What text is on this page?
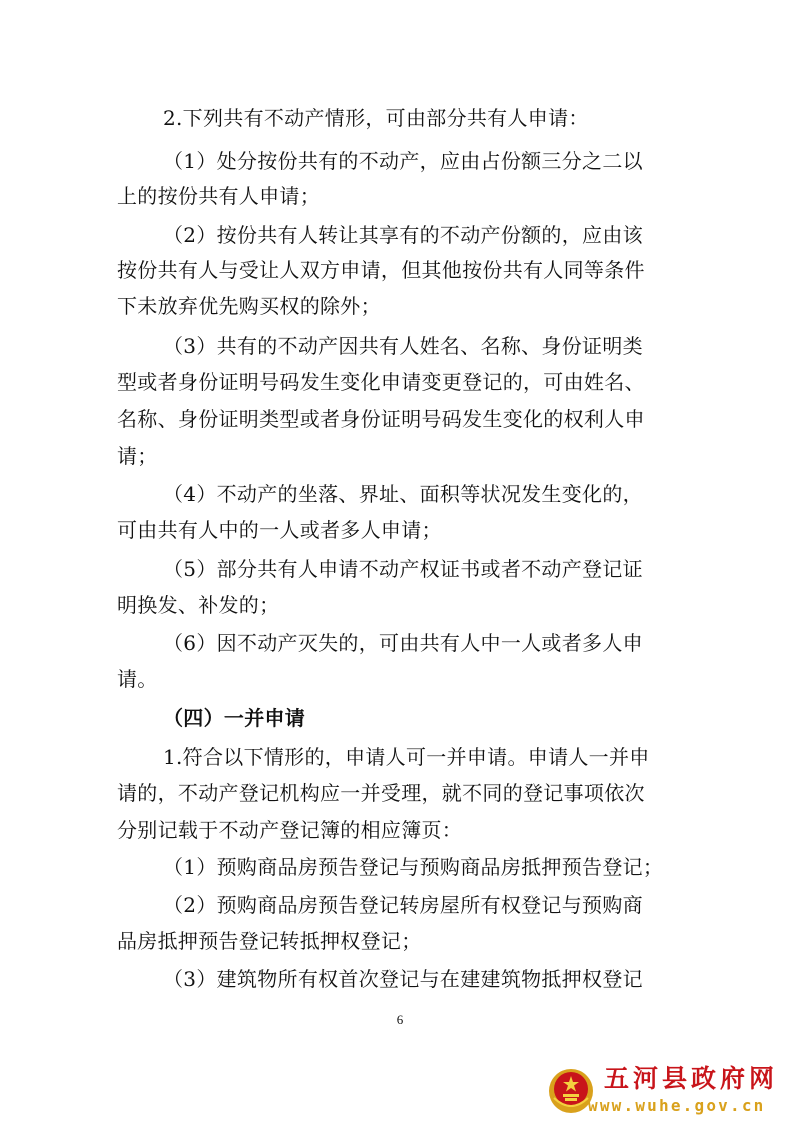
2.下列共有不动产情形，可由部分共有人申请：
（1）处分按份共有的不动产，应由占份额三分之二以
上的按份共有人申请；
（2）按份共有人转让其享有的不动产份额的，应由该
按份共有人与受让人双方申请，但其他按份共有人同等条件
下未放弃优先购买权的除外；
（3）共有的不动产因共有人姓名、名称、身份证明类
型或者身份证明号码发生变化申请变更登记的，可由姓名、
名称、身份证明类型或者身份证明号码发生变化的权利人申
请；
（4）不动产的坐落、界址、面积等状况发生变化的，
可由共有人中的一人或者多人申请；
（5）部分共有人申请不动产权证书或者不动产登记证
明换发、补发的；
（6）因不动产灭失的，可由共有人中一人或者多人申
请。
（四）一并申请
1.符合以下情形的，申请人可一并申请。申请人一并申
请的，不动产登记机构应一并受理，就不同的登记事项依次
分别记载于不动产登记簿的相应簿页：
（1）预购商品房预告登记与预购商品房抵押预告登记；
（2）预购商品房预告登记转房屋所有权登记与预购商
品房抵押预告登记转抵押权登记；
（3）建筑物所有权首次登记与在建建筑物抵押权登记
6
五河县政府网
www.wuhe.gov.cn
